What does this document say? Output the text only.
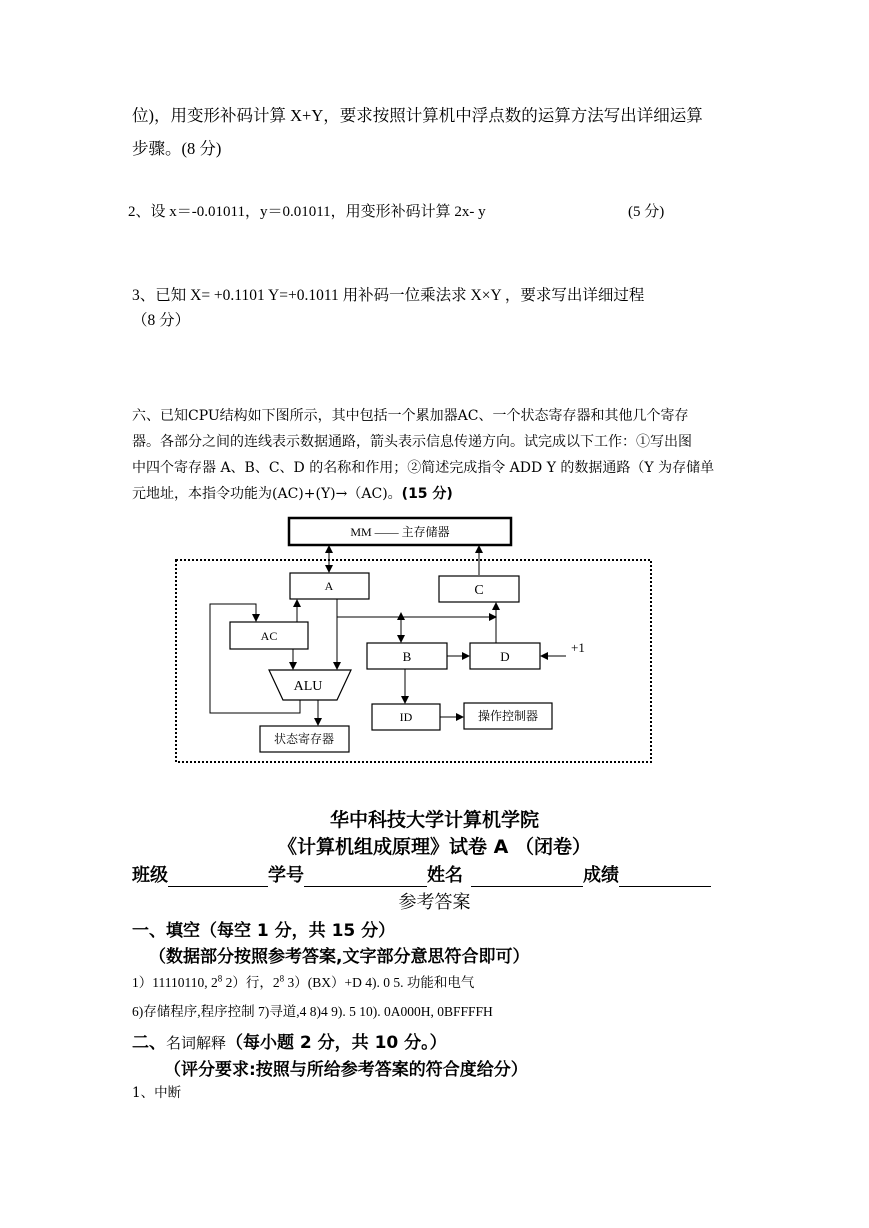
位)，用变形补码计算 X+Y，要求按照计算机中浮点数的运算方法写出详细运算
步骤。(8 分)
2、设 x＝-0.01011，y＝0.01011，用变形补码计算 2x- y	(5 分)
3、已知 X= +0.1101 Y=+0.1011 用补码一位乘法求 X×Y ，要求写出详细过程
（8 分）
六、已知CPU结构如下图所示，其中包括一个累加器AC、一个状态寄存器和其他几个寄存
器。各部分之间的连线表示数据通路，箭头表示信息传递方向。试完成以下工作：①写出图
中四个寄存器 A、B、C、D 的名称和作用；②简述完成指令 ADD Y 的数据通路（Y 为存储单
元地址，本指令功能为(AC)+(Y)→（AC)。(15 分)
MM —— 主存储器
A	C
AC
B	D
+1
ALU
ID	操作控制器
状态寄存器
华中科技大学计算机学院
《计算机组成原理》试卷 A （闭卷）
班级	学号	姓名	成绩
参考答案
一、填空（每空 1 分，共 15 分）
（数据部分按照参考答案,文字部分意思符合即可）
1）11110110, $2^8$ 2）行，$2^8$ 3）(BX）+D 4). 0 5. 功能和电气
6)存储程序,程序控制 7)寻道,4 8)4 9). 5 10). 0A000H, 0BFFFFH
二、名词解释（每小题 2 分，共 10 分。）
（评分要求:按照与所给参考答案的符合度给分）
1、中断
